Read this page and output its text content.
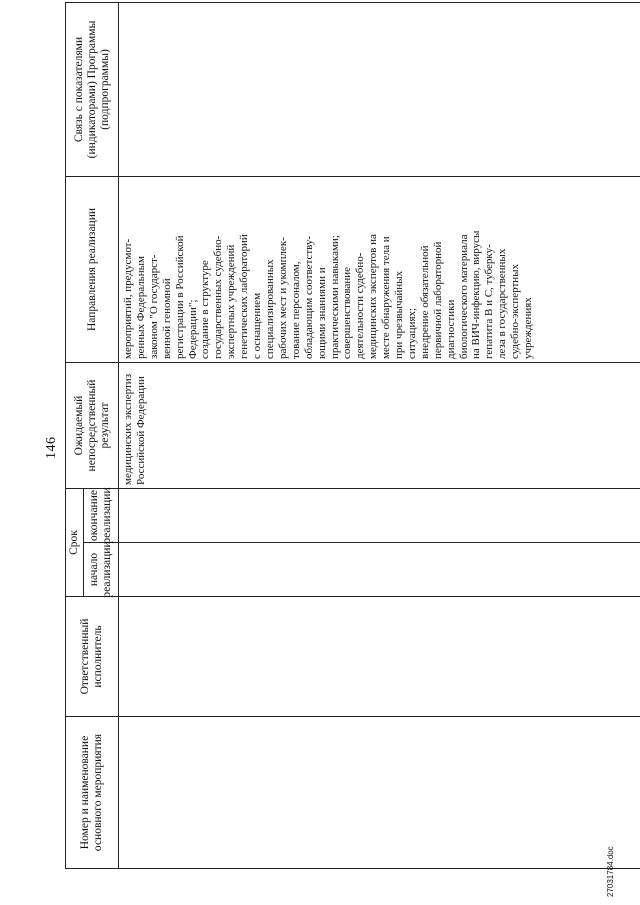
146
Номер и наименование основного мероприятия
Ответственный исполнитель
Срок
начало реализации
окончание реализации
Ожидаемый непосредственный результат
Направления реализации
Связь с показателями (индикаторами) Программы (подпрограммы)
медицинских экспертиз
Российской Федерации
мероприятий, предусмот-
ренных Федеральным
законом "О государст-
венной геномной
регистрации в Российской
Федерации";
создание в структуре
государственных судебно-
экспертных учреждений
генетических лабораторий
с оснащением
специализированных
рабочих мест и укомплек-
тование персоналом,
обладающим соответству-
ющими знаниями и
практическими навыками;
совершенствование
деятельности судебно-
медицинских экспертов на
месте обнаружения тела и
при чрезвычайных
ситуациях;
внедрение обязательной
первичной лабораторной
диагностики
биологического материала
на ВИЧ-инфекцию, вирусы
гепатита В и С, туберку-
леза в государственных
судебно-экспертных
учреждениях
27031784.doc
